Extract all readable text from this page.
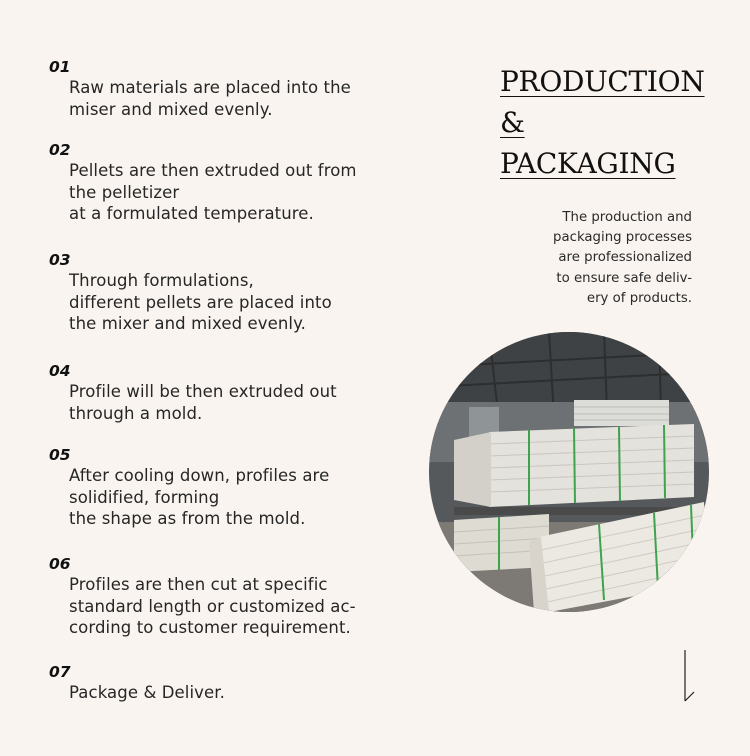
01
Raw materials are placed into the
miser and mixed evenly.
02
Pellets are then extruded out from
the pelletizer
at a formulated temperature.
03
Through formulations,
different pellets are placed into
the mixer and mixed evenly.
04
Profile will be then extruded out
through a mold.
05
After cooling down, profiles are
solidified, forming
the shape as from the mold.
06
Profiles are then cut at specific
standard length or customized ac-
cording to customer requirement.
07
Package & Deliver.
PRODUCTION
&
PACKAGING
The production and
packaging processes
are professionalized
to ensure safe deliv-
ery of products.
